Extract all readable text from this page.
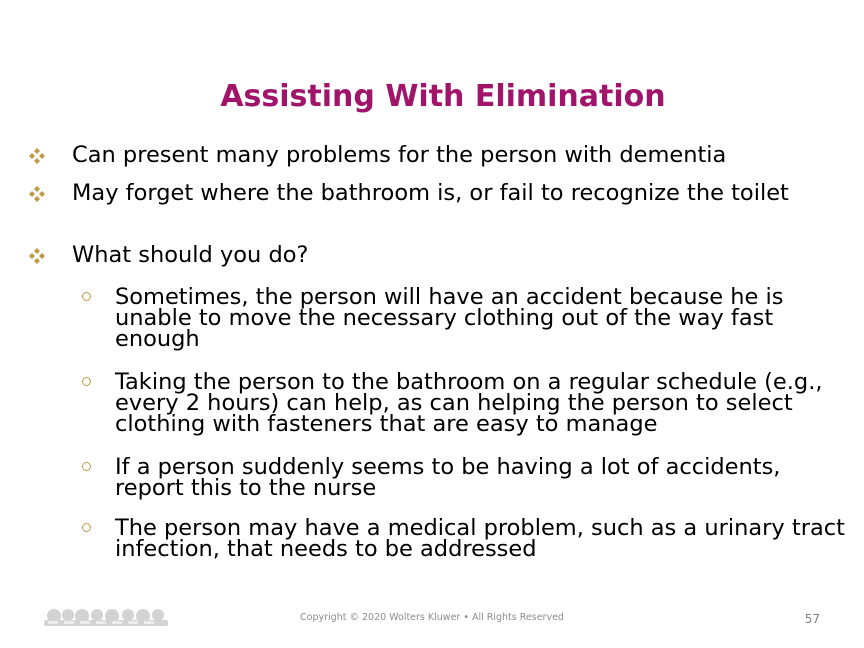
Assisting With Elimination
Can present many problems for the person with dementia
May forget where the bathroom is, or fail to recognize the toilet
What should you do?
Sometimes, the person will have an accident because he is unable to move the necessary clothing out of the way fast enough
Taking the person to the bathroom on a regular schedule (e.g., every 2 hours) can help, as can helping the person to select clothing with fasteners that are easy to manage
If a person suddenly seems to be having a lot of accidents, report this to the nurse
The person may have a medical problem, such as a urinary tract infection, that needs to be addressed
Copyright © 2020 Wolters Kluwer • All Rights Reserved	57
